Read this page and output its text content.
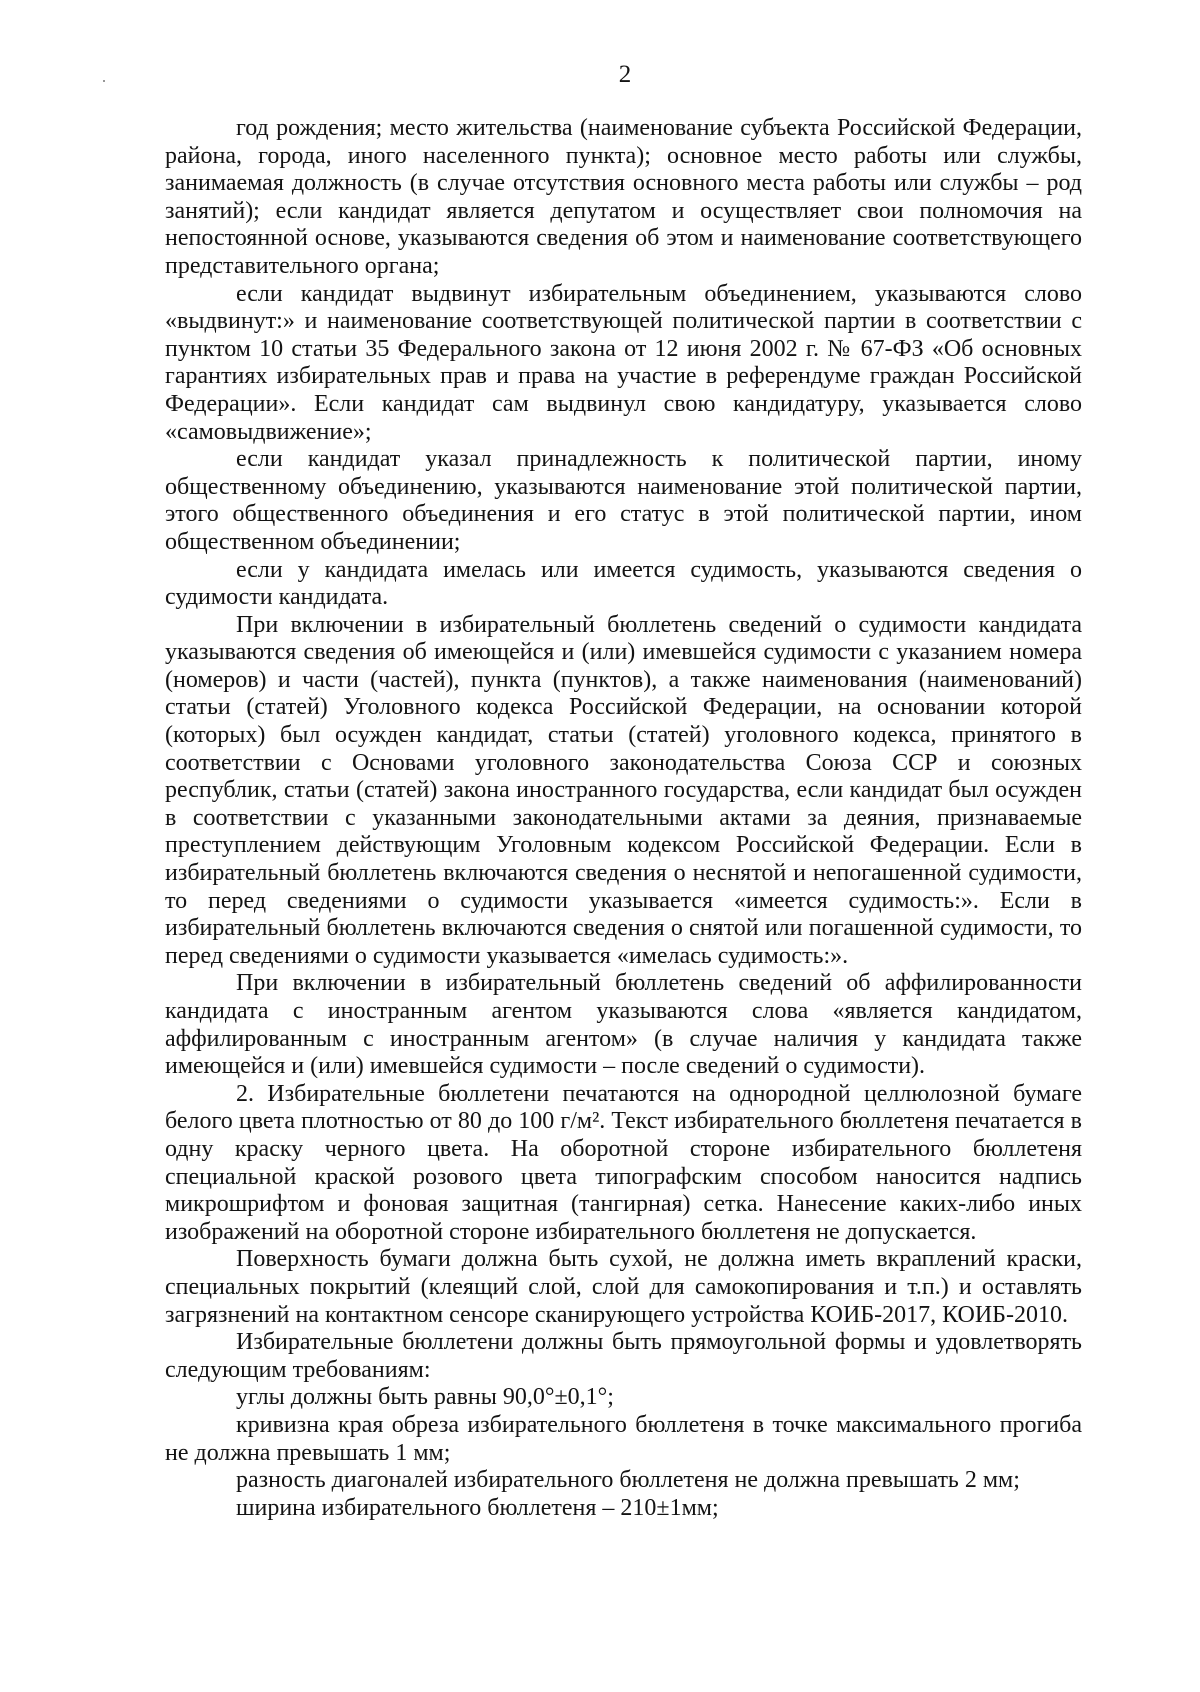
2

год рождения; место жительства (наименование субъекта Российской Федерации, района, города, иного населенного пункта); основное место работы или службы, занимаемая должность (в случае отсутствия основного места работы или службы – род занятий); если кандидат является депутатом и осуществляет свои полномочия на непостоянной основе, указываются сведения об этом и наименование соответствующего представительного органа;

если кандидат выдвинут избирательным объединением, указываются слово «выдвинут:» и наименование соответствующей политической партии в соответствии с пунктом 10 статьи 35 Федерального закона от 12 июня 2002 г. № 67-ФЗ «Об основных гарантиях избирательных прав и права на участие в референдуме граждан Российской Федерации». Если кандидат сам выдвинул свою кандидатуру, указывается слово «самовыдвижение»;

если кандидат указал принадлежность к политической партии, иному общественному объединению, указываются наименование этой политической партии, этого общественного объединения и его статус в этой политической партии, ином общественном объединении;

если у кандидата имелась или имеется судимость, указываются сведения о судимости кандидата.

При включении в избирательный бюллетень сведений о судимости кандидата указываются сведения об имеющейся и (или) имевшейся судимости с указанием номера (номеров) и части (частей), пункта (пунктов), а также наименования (наименований) статьи (статей) Уголовного кодекса Российской Федерации, на основании которой (которых) был осужден кандидат, статьи (статей) уголовного кодекса, принятого в соответствии с Основами уголовного законодательства Союза ССР и союзных республик, статьи (статей) закона иностранного государства, если кандидат был осужден в соответствии с указанными законодательными актами за деяния, признаваемые преступлением действующим Уголовным кодексом Российской Федерации. Если в избирательный бюллетень включаются сведения о неснятой и непогашенной судимости, то перед сведениями о судимости указывается «имеется судимость:». Если в избирательный бюллетень включаются сведения о снятой или погашенной судимости, то перед сведениями о судимости указывается «имелась судимость:».

При включении в избирательный бюллетень сведений об аффилированности кандидата с иностранным агентом указываются слова «является кандидатом, аффилированным с иностранным агентом» (в случае наличия у кандидата также имеющейся и (или) имевшейся судимости – после сведений о судимости).

2. Избирательные бюллетени печатаются на однородной целлюлозной бумаге белого цвета плотностью от 80 до 100 г/м². Текст избирательного бюллетеня печатается в одну краску черного цвета. На оборотной стороне избирательного бюллетеня специальной краской розового цвета типографским способом наносится надпись микрошрифтом и фоновая защитная (тангирная) сетка. Нанесение каких-либо иных изображений на оборотной стороне избирательного бюллетеня не допускается.

Поверхность бумаги должна быть сухой, не должна иметь вкраплений краски, специальных покрытий (клеящий слой, слой для самокопирования и т.п.) и оставлять загрязнений на контактном сенсоре сканирующего устройства КОИБ-2017, КОИБ-2010.

Избирательные бюллетени должны быть прямоугольной формы и удовлетворять следующим требованиям:

углы должны быть равны 90,0°±0,1°;

кривизна края обреза избирательного бюллетеня в точке максимального прогиба не должна превышать 1 мм;

разность диагоналей избирательного бюллетеня не должна превышать 2 мм;

ширина избирательного бюллетеня – 210±1мм;
